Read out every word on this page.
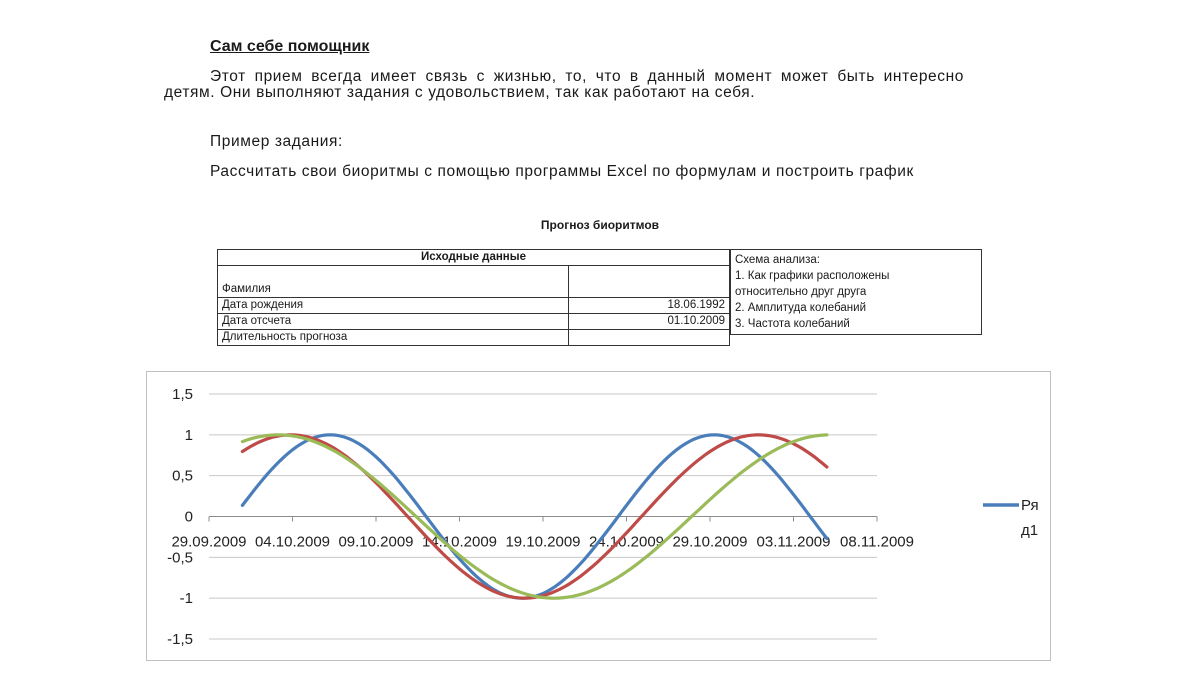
Сам себе помощник

Этот прием всегда имеет связь с жизнью, то, что в данный момент может быть интересно детям. Они выполняют задания с удовольствием, так как работают на себя.

Пример задания:

Рассчитать свои биоритмы с помощью программы Excel по формулам и построить график

Прогноз биоритмов

Исходные данные	
Фамилия	
Дата рождения	18.06.1992
Дата отсчета	01.10.2009
Длительность прогноза	
Схема анализа:
1. Как графики расположены
относительно друг друга
2. Амплитуда колебаний
3. Частота колебаний
1,5
1
0,5
0
-0,5
-1
-1,5
29.09.2009 04.10.2009 09.10.2009 14.10.2009 19.10.2009 24.10.2009 29.10.2009 03.11.2009 08.11.2009
Ря
д1
